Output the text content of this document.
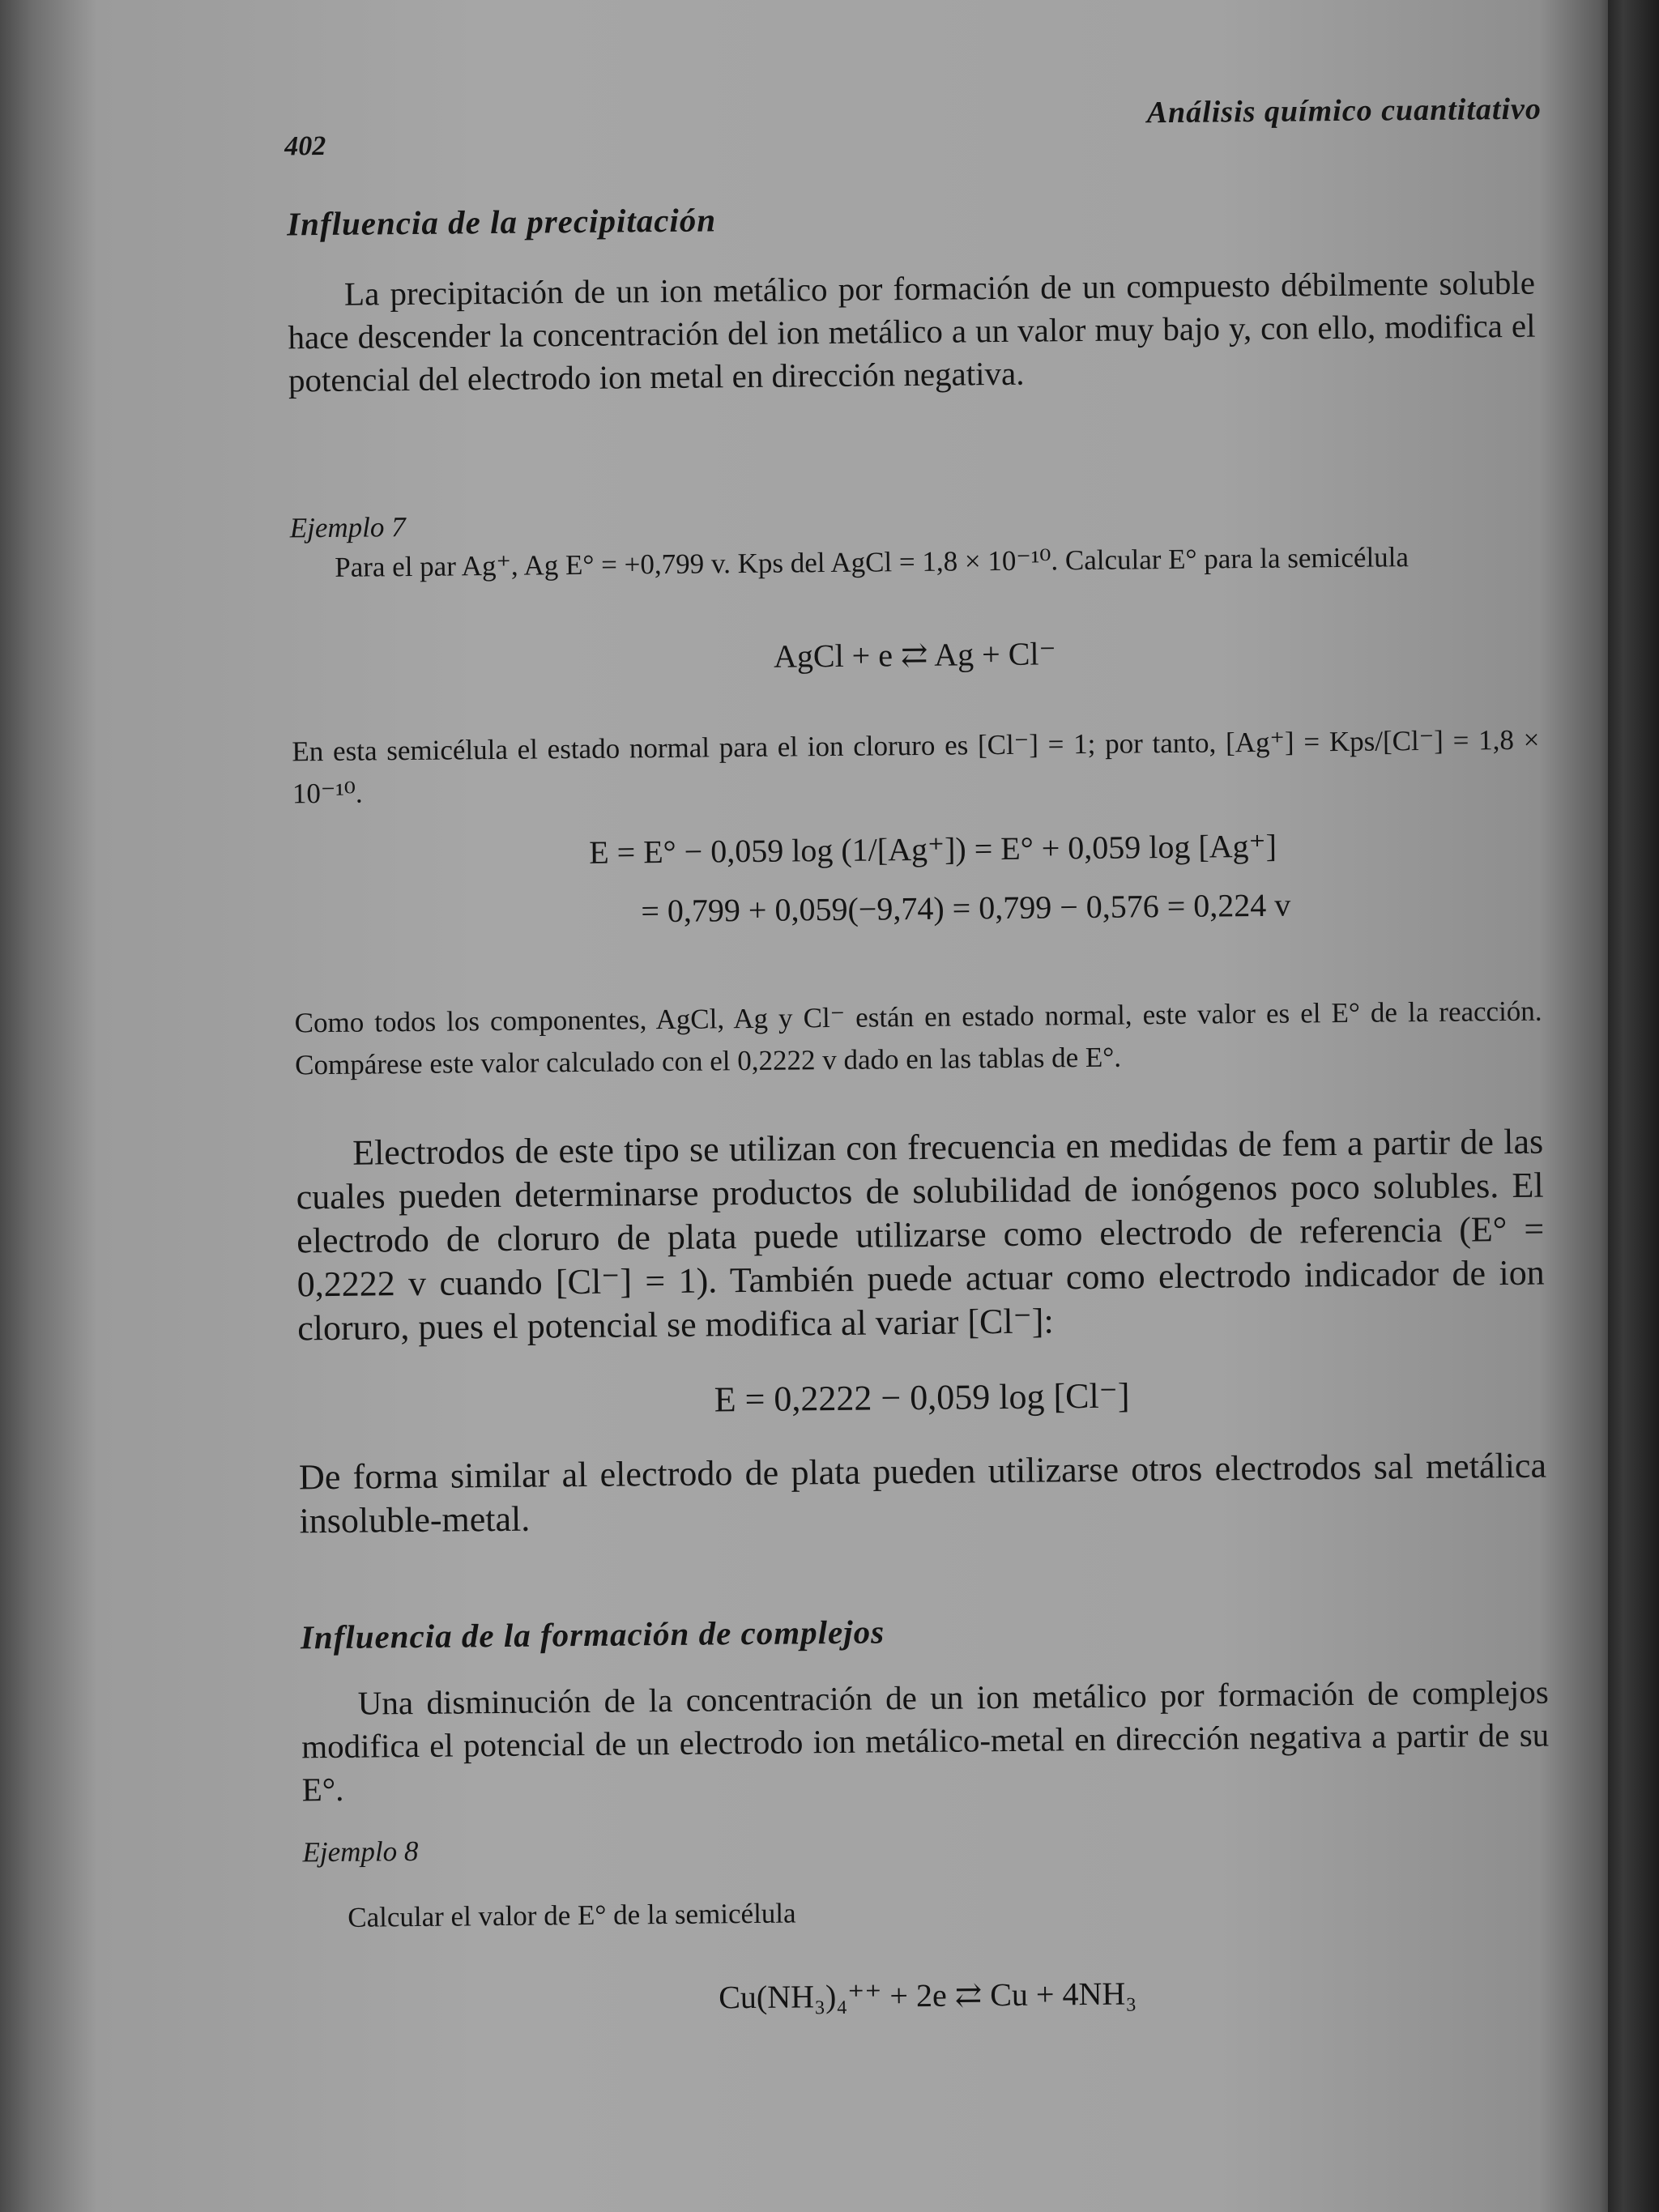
402
Análisis químico cuantitativo
Influencia de la precipitación
La precipitación de un ion metálico por formación de un compuesto débilmente soluble hace descender la concentración del ion metálico a un valor muy bajo y, con ello, modifica el potencial del electrodo ion metal en dirección negativa.
Ejemplo 7
Para el par Ag⁺, Ag E° = +0,799 v. Kps del AgCl = 1,8 × 10⁻¹⁰. Calcular E° para la semicélula
AgCl + e ⇄ Ag + Cl⁻
En esta semicélula el estado normal para el ion cloruro es [Cl⁻] = 1; por tanto, [Ag⁺] = Kps/[Cl⁻] = 1,8 × 10⁻¹⁰.
E = E° − 0,059 log (1/[Ag⁺]) = E° + 0,059 log [Ag⁺]
= 0,799 + 0,059(−9,74) = 0,799 − 0,576 = 0,224 v
Como todos los componentes, AgCl, Ag y Cl⁻ están en estado normal, este valor es el E° de la reacción. Compárese este valor calculado con el 0,2222 v dado en las tablas de E°.
Electrodos de este tipo se utilizan con frecuencia en medidas de fem a partir de las cuales pueden determinarse productos de solubilidad de ionógenos poco solubles. El electrodo de cloruro de plata puede utilizarse como electrodo de referencia (E° = 0,2222 v cuando [Cl⁻] = 1). También puede actuar como electrodo indicador de ion cloruro, pues el potencial se modifica al variar [Cl⁻]:
E = 0,2222 − 0,059 log [Cl⁻]
De forma similar al electrodo de plata pueden utilizarse otros electrodos sal metálica insoluble-metal.
Influencia de la formación de complejos
Una disminución de la concentración de un ion metálico por formación de complejos modifica el potencial de un electrodo ion metálico-metal en dirección negativa a partir de su E°.
Ejemplo 8
Calcular el valor de E° de la semicélula
Cu(NH₃)₄⁺⁺ + 2e ⇄ Cu + 4NH₃
